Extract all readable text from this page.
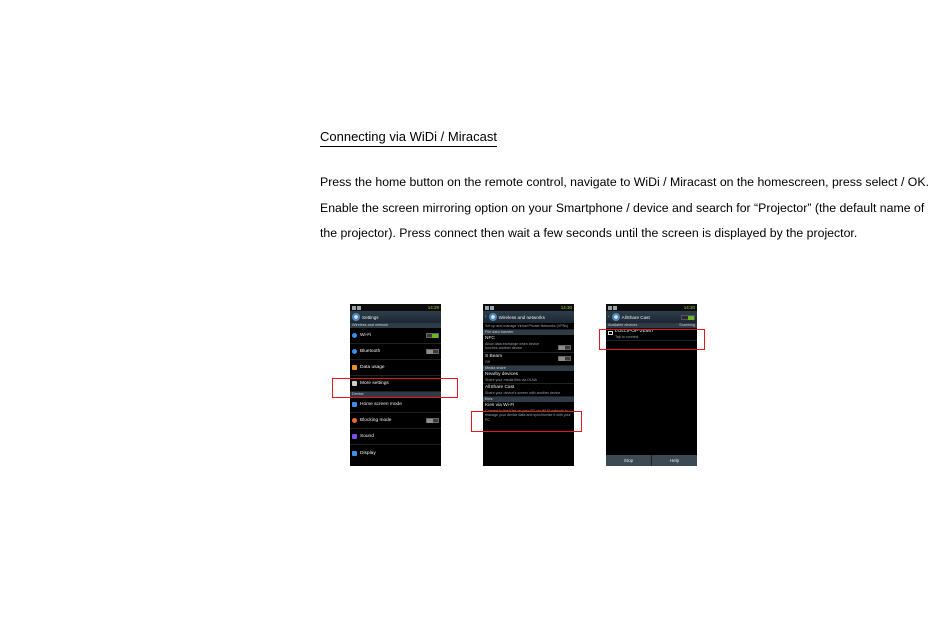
Connecting via WiDi / Miracast
Press the home button on the remote control, navigate to WiDi / Miracast on the homescreen, press select / OK.
Enable the screen mirroring option on your Smartphone / device and search for “Projector” (the default name of
the projector). Press connect then wait a few seconds until the screen is displayed by the projector.
14:29
Settings
Wireless and network
Wi-Fi
Bluetooth
Data usage
More settings
Device
Home screen mode
Blocking mode
Sound
Display
14:30
‹	Wireless and networks
Set up and manage Virtual Private Networks (VPNs)
File data transfer
NFC
Allow data exchange when device touches another device
S Beam
Off
Media share
Nearby devices
Share your media files via DLNA
AllShare Cast
Share your device's screen with another device
Kies
Kies via Wi-Fi
Connect to the Kies on your PC via Wi-Fi network to manage your device data and synchronise it with your PC
14:30
‹	AllShare Cast
Available devices	Scanning
LOLLIPOP-2E567
Tap to connect
Stop	Help
